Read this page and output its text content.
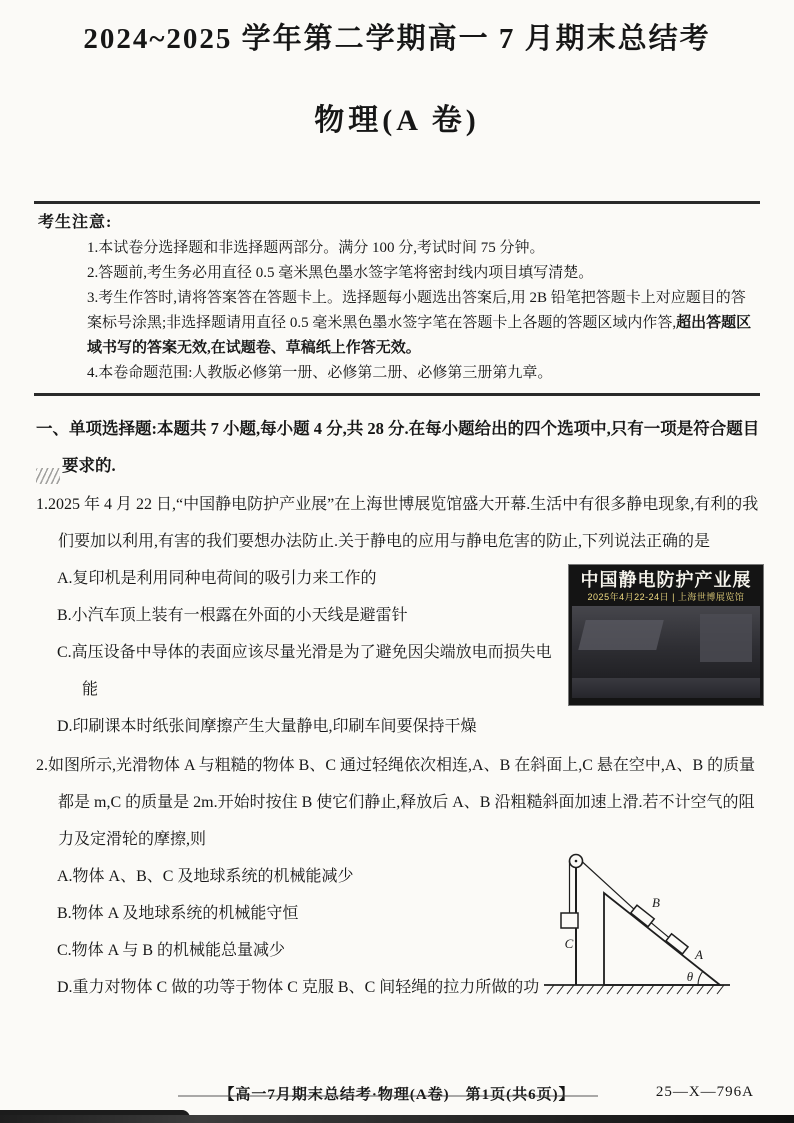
2024~2025 学年第二学期高一 7 月期末总结考
物理(A 卷)
考生注意:

1.本试卷分选择题和非选择题两部分。满分 100 分,考试时间 75 分钟。

2.答题前,考生务必用直径 0.5 毫米黑色墨水签字笔将密封线内项目填写清楚。

3.考生作答时,请将答案答在答题卡上。选择题每小题选出答案后,用 2B 铅笔把答题卡上对应题目的答案标号涂黑;非选择题请用直径 0.5 毫米黑色墨水签字笔在答题卡上各题的答题区域内作答,超出答题区域书写的答案无效,在试题卷、草稿纸上作答无效。

4.本卷命题范围:人教版必修第一册、必修第二册、必修第三册第九章。

一、单项选择题:本题共 7 小题,每小题 4 分,共 28 分.在每小题给出的四个选项中,只有一项是符合题目要求的.
1.2025 年 4 月 22 日,“中国静电防护产业展”在上海世博展览馆盛大开幕.生活中有很多静电现象,有利的我们要加以利用,有害的我们要想办法防止.关于静电的应用与静电危害的防止,下列说法正确的是
中国静电防护产业展
2025年4月22-24日 | 上海世博展览馆
A.复印机是利用同种电荷间的吸引力来工作的
B.小汽车顶上装有一根露在外面的小天线是避雷针
C.高压设备中导体的表面应该尽量光滑是为了避免因尖端放电而损失电能
D.印刷课本时纸张间摩擦产生大量静电,印刷车间要保持干燥
2.如图所示,光滑物体 A 与粗糙的物体 B、C 通过轻绳依次相连,A、B 在斜面上,C 悬在空中,A、B 的质量都是 m,C 的质量是 2m.开始时按住 B 使它们静止,释放后 A、B 沿粗糙斜面加速上滑.若不计空气的阻力及定滑轮的摩擦,则
A.物体 A、B、C 及地球系统的机械能减少
B.物体 A 及地球系统的机械能守恒
C.物体 A 与 B 的机械能总量减少
D.重力对物体 C 做的功等于物体 C 克服 B、C 间轻绳的拉力所做的功
C
B
A
θ
【高一7月期末总结考·物理(A卷)　第1页(共6页)】	25—X—796A
